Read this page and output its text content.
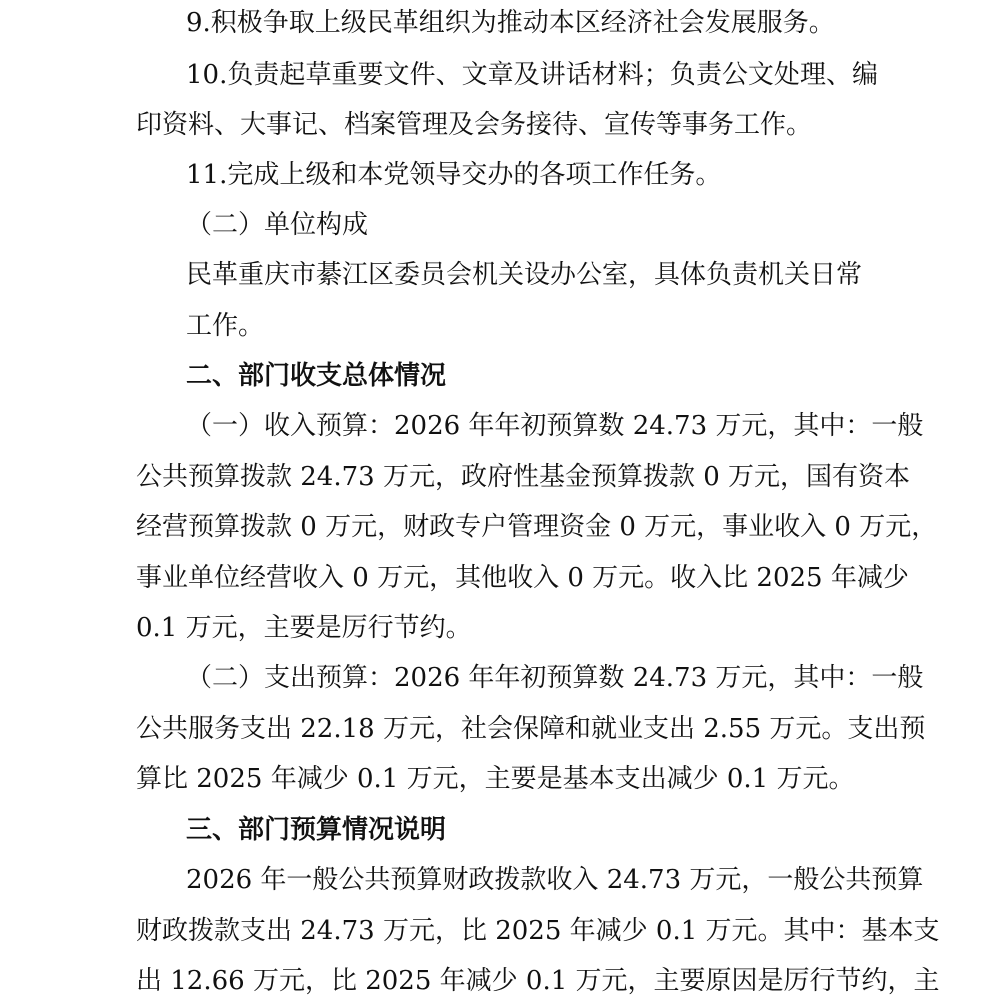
9.积极争取上级民革组织为推动本区经济社会发展服务。
10.负责起草重要文件、文章及讲话材料；负责公文处理、编
印资料、大事记、档案管理及会务接待、宣传等事务工作。
11.完成上级和本党领导交办的各项工作任务。
（二）单位构成
民革重庆市綦江区委员会机关设办公室，具体负责机关日常
工作。
二、部门收支总体情况
（一）收入预算：2026 年年初预算数 24.73 万元，其中：一般
公共预算拨款 24.73 万元，政府性基金预算拨款 0 万元，国有资本
经营预算拨款 0 万元，财政专户管理资金 0 万元，事业收入 0 万元，
事业单位经营收入 0 万元，其他收入 0 万元。收入比 2025 年减少
0.1 万元，主要是厉行节约。
（二）支出预算：2026 年年初预算数 24.73 万元，其中：一般
公共服务支出 22.18 万元，社会保障和就业支出 2.55 万元。支出预
算比 2025 年减少 0.1 万元，主要是基本支出减少 0.1 万元。
三、部门预算情况说明
2026 年一般公共预算财政拨款收入 24.73 万元，一般公共预算
财政拨款支出 24.73 万元，比 2025 年减少 0.1 万元。其中：基本支
出 12.66 万元，比 2025 年减少 0.1 万元，主要原因是厉行节约，主
